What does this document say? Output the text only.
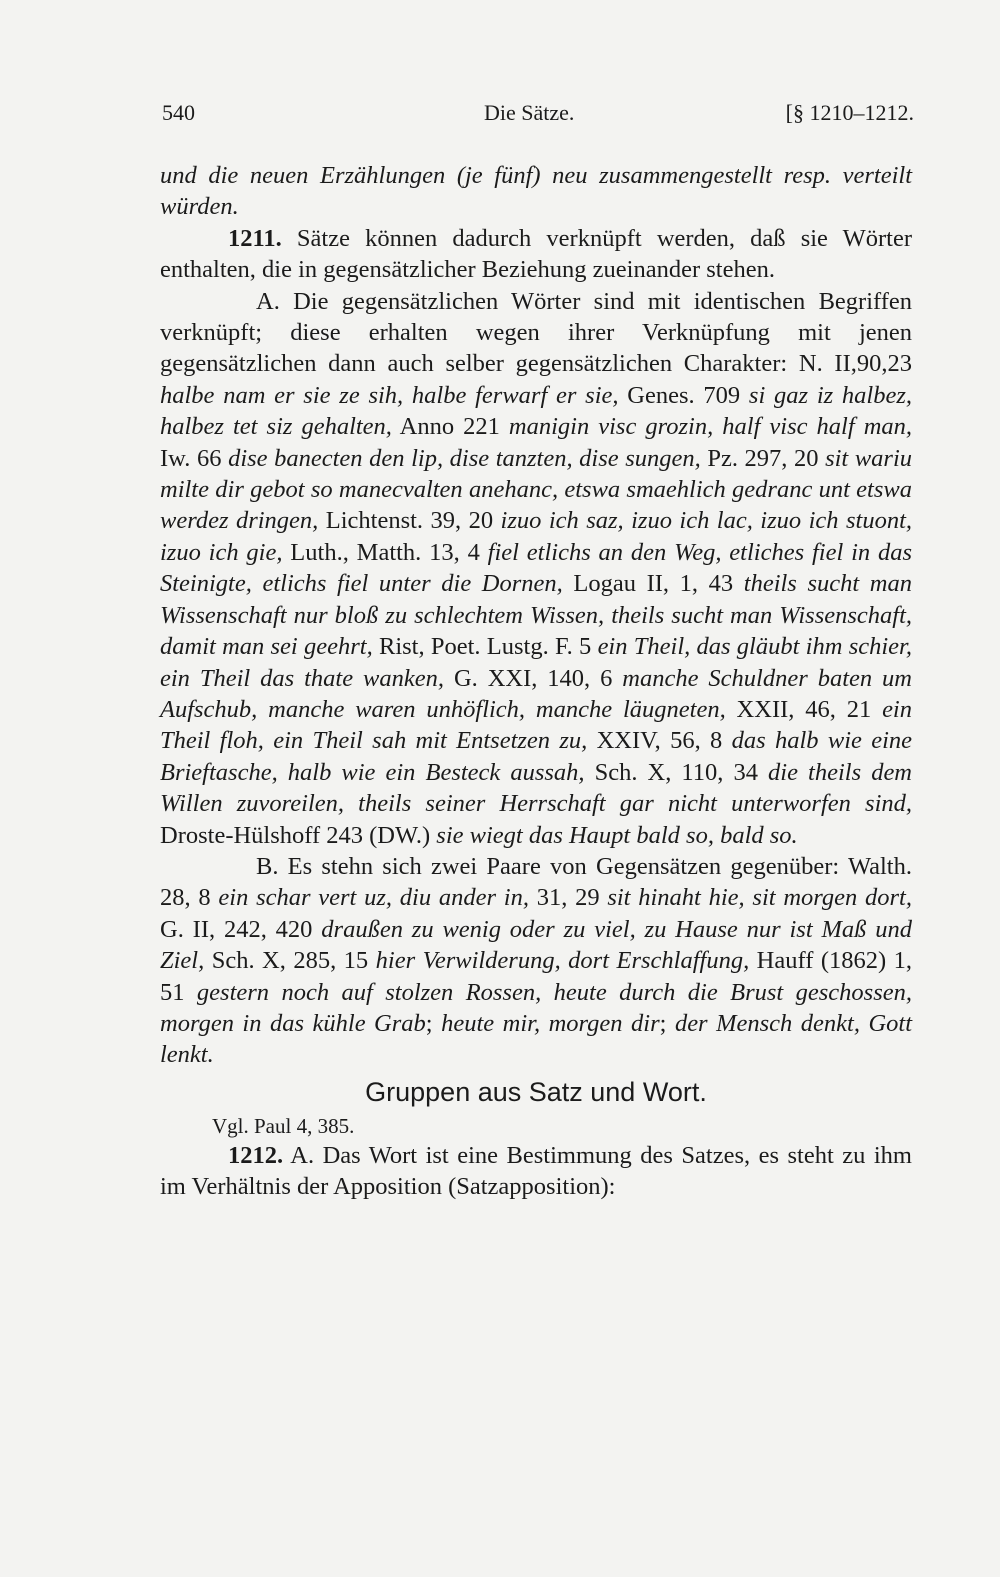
540	Die Sätze.	[§ 1210–1212.

und die neuen Erzählungen (je fünf) neu zusammengestellt resp. verteilt würden.

1211. Sätze können dadurch verknüpft werden, daß sie Wörter enthalten, die in gegensätzlicher Beziehung zueinander stehen.

A. Die gegensätzlichen Wörter sind mit identischen Begriffen verknüpft; diese erhalten wegen ihrer Verknüpfung mit jenen gegensätzlichen dann auch selber gegensätzlichen Charakter: N. II,90,23 halbe nam er sie ze sih, halbe ferwarf er sie, Genes. 709 si gaz iz halbez, halbez tet siz gehalten, Anno 221 manigin visc grozin, half visc half man, Iw. 66 dise banecten den lip, dise tanzten, dise sungen, Pz. 297, 20 sit wariu milte dir gebot so manecvalten anehanc, etswa smaehlich gedranc unt etswa werdez dringen, Lichtenst. 39, 20 izuo ich saz, izuo ich lac, izuo ich stuont, izuo ich gie, Luth., Matth. 13, 4 fiel etlichs an den Weg, etliches fiel in das Steinigte, etlichs fiel unter die Dornen, Logau II, 1, 43 theils sucht man Wissenschaft nur bloß zu schlechtem Wissen, theils sucht man Wissenschaft, damit man sei geehrt, Rist, Poet. Lustg. F. 5 ein Theil, das gläubt ihm schier, ein Theil das thate wanken, G. XXI, 140, 6 manche Schuldner baten um Aufschub, manche waren unhöflich, manche läugneten, XXII, 46, 21 ein Theil floh, ein Theil sah mit Entsetzen zu, XXIV, 56, 8 das halb wie eine Brieftasche, halb wie ein Besteck aussah, Sch. X, 110, 34 die theils dem Willen zuvoreilen, theils seiner Herrschaft gar nicht unterworfen sind, Droste-Hülshoff 243 (DW.) sie wiegt das Haupt bald so, bald so.

B. Es stehn sich zwei Paare von Gegensätzen gegenüber: Walth. 28, 8 ein schar vert uz, diu ander in, 31, 29 sit hinaht hie, sit morgen dort, G. II, 242, 420 draußen zu wenig oder zu viel, zu Hause nur ist Maß und Ziel, Sch. X, 285, 15 hier Verwilderung, dort Erschlaffung, Hauff (1862) 1, 51 gestern noch auf stolzen Rossen, heute durch die Brust geschossen, morgen in das kühle Grab; heute mir, morgen dir; der Mensch denkt, Gott lenkt.

Gruppen aus Satz und Wort.

Vgl. Paul 4, 385.

1212. A. Das Wort ist eine Bestimmung des Satzes, es steht zu ihm im Verhältnis der Apposition (Satzapposition):
